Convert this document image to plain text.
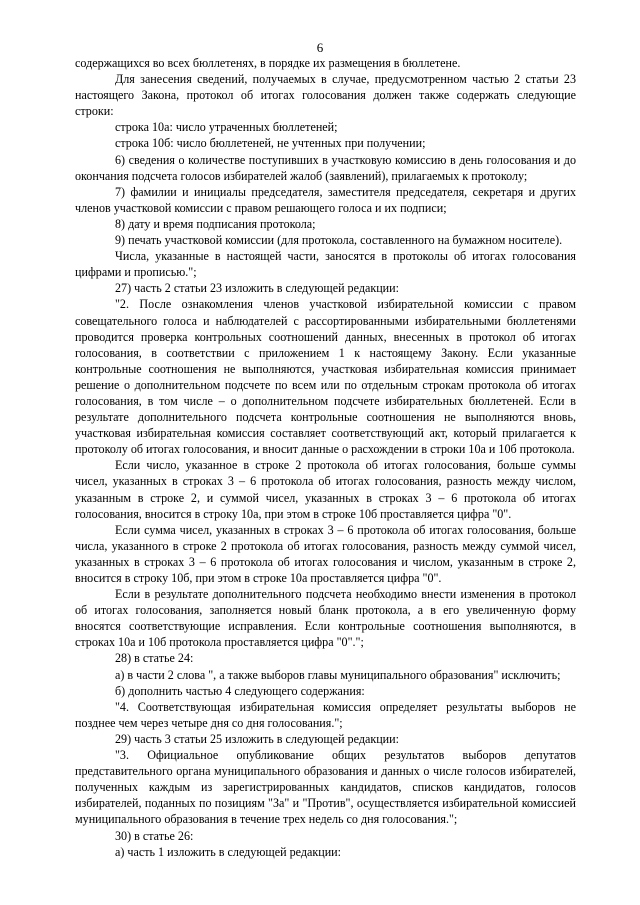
6

содержащихся во всех бюллетенях, в порядке их размещения в бюллетене.

Для занесения сведений, получаемых в случае, предусмотренном частью 2 статьи 23 настоящего Закона, протокол об итогах голосования должен также содержать следующие строки:

строка 10а: число утраченных бюллетеней;

строка 10б: число бюллетеней, не учтенных при получении;

6) сведения о количестве поступивших в участковую комиссию в день голосования и до окончания подсчета голосов избирателей жалоб (заявлений), прилагаемых к протоколу;

7) фамилии и инициалы председателя, заместителя председателя, секретаря и других членов участковой комиссии с правом решающего голоса и их подписи;

8) дату и время подписания протокола;

9) печать участковой комиссии (для протокола, составленного на бумажном носителе).

Числа, указанные в настоящей части, заносятся в протоколы об итогах голосования цифрами и прописью.";

27) часть 2 статьи 23 изложить в следующей редакции:

"2. После ознакомления членов участковой избирательной комиссии с правом совещательного голоса и наблюдателей с рассортированными избирательными бюллетенями проводится проверка контрольных соотношений данных, внесенных в протокол об итогах голосования, в соответствии с приложением 1 к настоящему Закону. Если указанные контрольные соотношения не выполняются, участковая избирательная комиссия принимает решение о дополнительном подсчете по всем или по отдельным строкам протокола об итогах голосования, в том числе – о дополнительном подсчете избирательных бюллетеней. Если в результате дополнительного подсчета контрольные соотношения не выполняются вновь, участковая избирательная комиссия составляет соответствующий акт, который прилагается к протоколу об итогах голосования, и вносит данные о расхождении в строки 10а и 10б протокола.

Если число, указанное в строке 2 протокола об итогах голосования, больше суммы чисел, указанных в строках 3 – 6 протокола об итогах голосования, разность между числом, указанным в строке 2, и суммой чисел, указанных в строках 3 – 6 протокола об итогах голосования, вносится в строку 10а, при этом в строке 10б проставляется цифра "0".

Если сумма чисел, указанных в строках 3 – 6 протокола об итогах голосования, больше числа, указанного в строке 2 протокола об итогах голосования, разность между суммой чисел, указанных в строках 3 – 6 протокола об итогах голосования и числом, указанным в строке 2, вносится в строку 10б, при этом в строке 10а проставляется цифра "0".

Если в результате дополнительного подсчета необходимо внести изменения в протокол об итогах голосования, заполняется новый бланк протокола, а в его увеличенную форму вносятся соответствующие исправления. Если контрольные соотношения выполняются, в строках 10а и 10б протокола проставляется цифра "0".";

28) в статье 24:

а) в части 2 слова ", а также выборов главы муниципального образования" исключить;

б) дополнить частью 4 следующего содержания:

"4. Соответствующая избирательная комиссия определяет результаты выборов не позднее чем через четыре дня со дня голосования.";

29) часть 3 статьи 25 изложить в следующей редакции:

"3. Официальное опубликование общих результатов выборов депутатов представительного органа муниципального образования и данных о числе голосов избирателей, полученных каждым из зарегистрированных кандидатов, списков кандидатов, голосов избирателей, поданных по позициям "За" и "Против", осуществляется избирательной комиссией муниципального образования в течение трех недель со дня голосования.";

30) в статье 26:

а) часть 1 изложить в следующей редакции:
